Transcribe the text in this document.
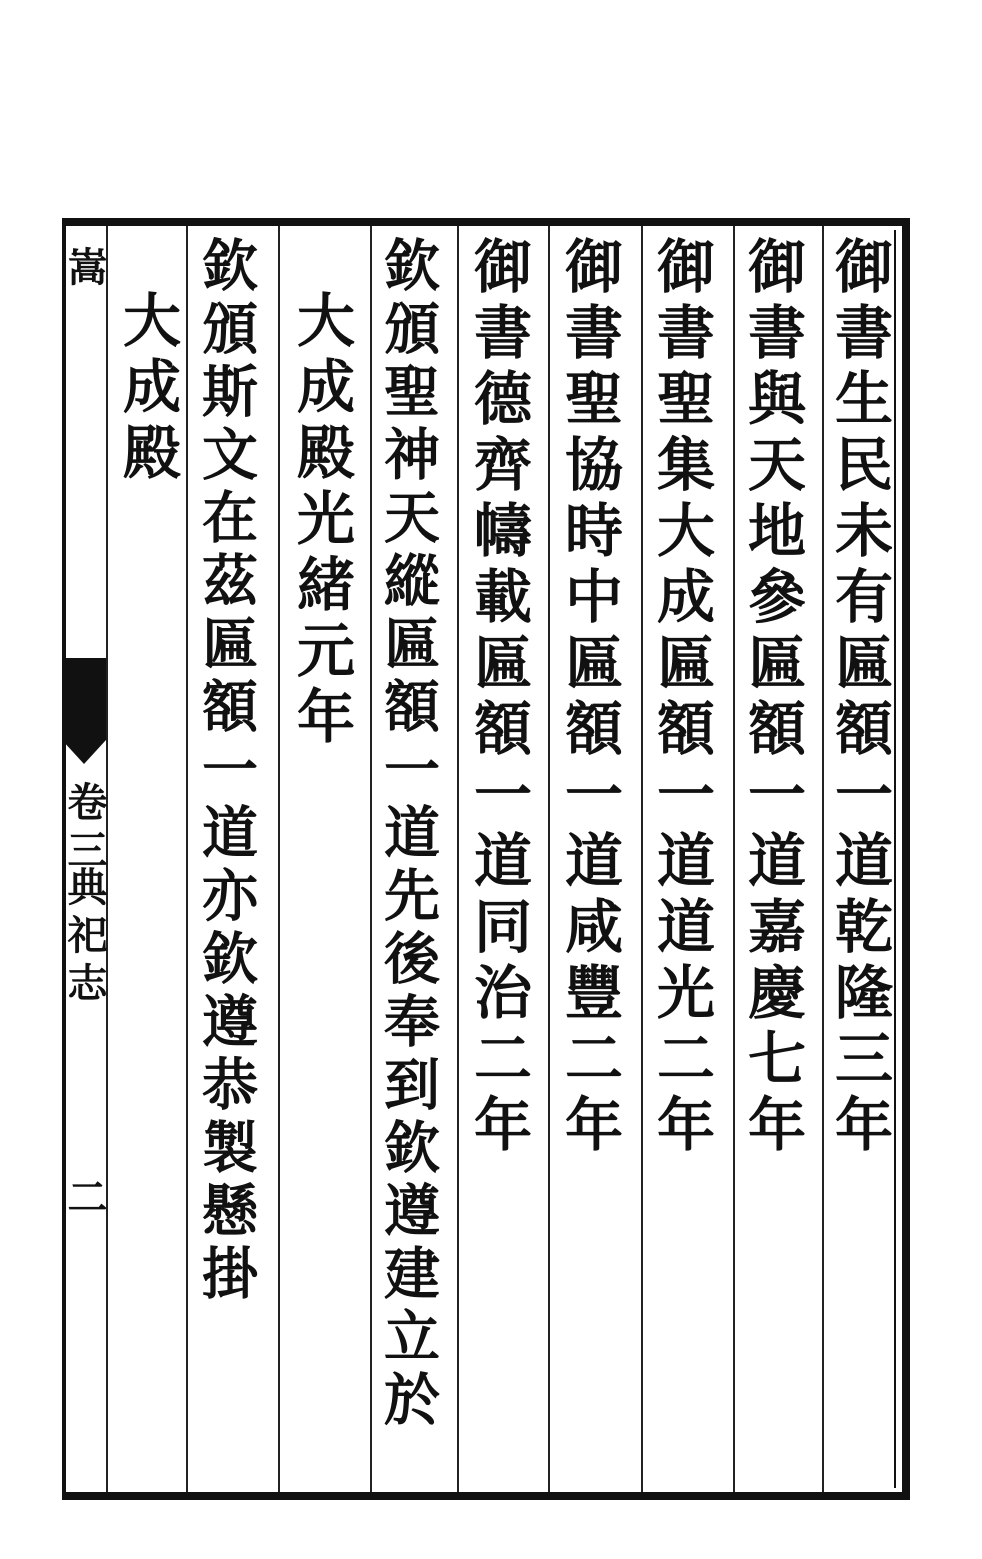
御書生民未有匾額一道乾隆三年
御書與天地參匾額一道嘉慶七年
御書聖集大成匾額一道道光二年
御書聖協時中匾額一道咸豐二年
御書德齊幬載匾額一道同治二年
欽頒聖神天縱匾額一道先後奉到欽遵建立於
大成殿光緒元年
欽頒斯文在茲匾額一道亦欽遵恭製懸掛
大成殿
嵩
卷三
典祀志
二
